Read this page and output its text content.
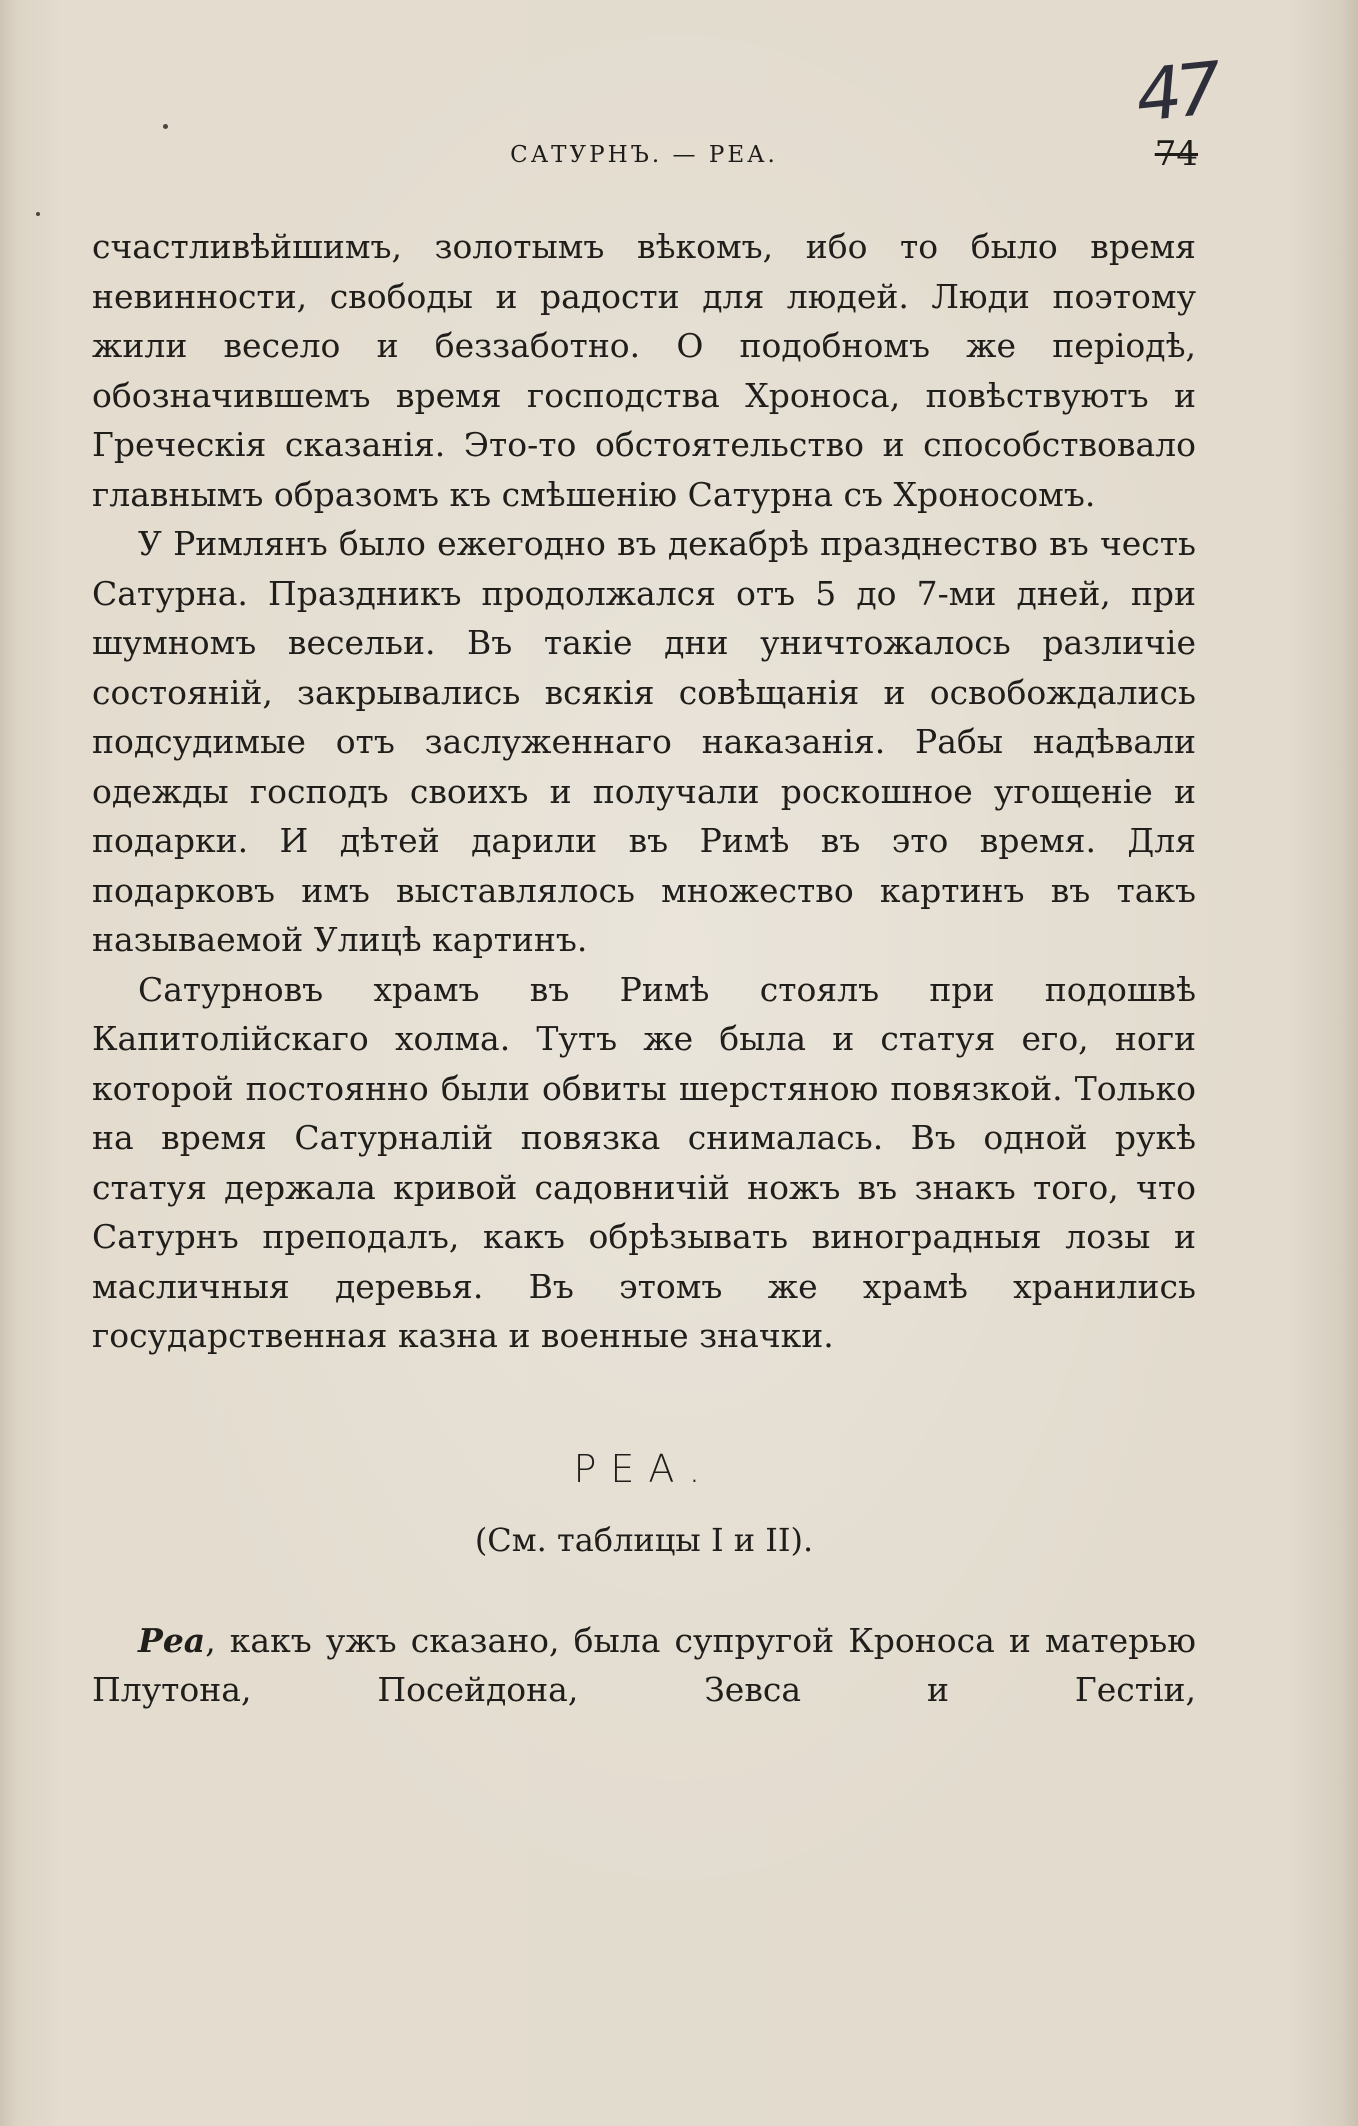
47
САТУРНЪ. — РЕА.	74

счастливѣйшимъ, золотымъ вѣкомъ, ибо то было время невинности, свободы и радости для людей. Люди поэтому жили весело и беззаботно. О подобномъ же періодѣ, обозначившемъ время господства Хроноса, повѣствуютъ и Греческія сказанія. Это-то обстоятельство и способствовало главнымъ образомъ къ смѣшенію Сатурна съ Хроносомъ.

У Римлянъ было ежегодно въ декабрѣ празднество въ честь Сатурна. Праздникъ продолжался отъ 5 до 7-ми дней, при шумномъ весельи. Въ такіе дни уничтожалось различіе состояній, закрывались всякія совѣщанія и освобождались подсудимые отъ заслуженнаго наказанія. Рабы надѣвали одежды господъ своихъ и получали роскошное угощеніе и подарки. И дѣтей дарили въ Римѣ въ это время. Для подарковъ имъ выставлялось множество картинъ въ такъ называемой Улицѣ картинъ.

Сатурновъ храмъ въ Римѣ стоялъ при подошвѣ Капитолійскаго холма. Тутъ же была и статуя его, ноги которой постоянно были обвиты шерстяною повязкой. Только на время Сатурналій повязка снималась. Въ одной рукѣ статуя держала кривой садовничій ножъ въ знакъ того, что Сатурнъ преподалъ, какъ обрѣзывать виноградныя лозы и масличныя деревья. Въ этомъ же храмѣ хранились государственная казна и военные значки.

РЕА.
(См. таблицы I и II).

Реа, какъ ужъ сказано, была супругой Кроноса и матерью Плутона, Посейдона, Зевса и Гестіи,
